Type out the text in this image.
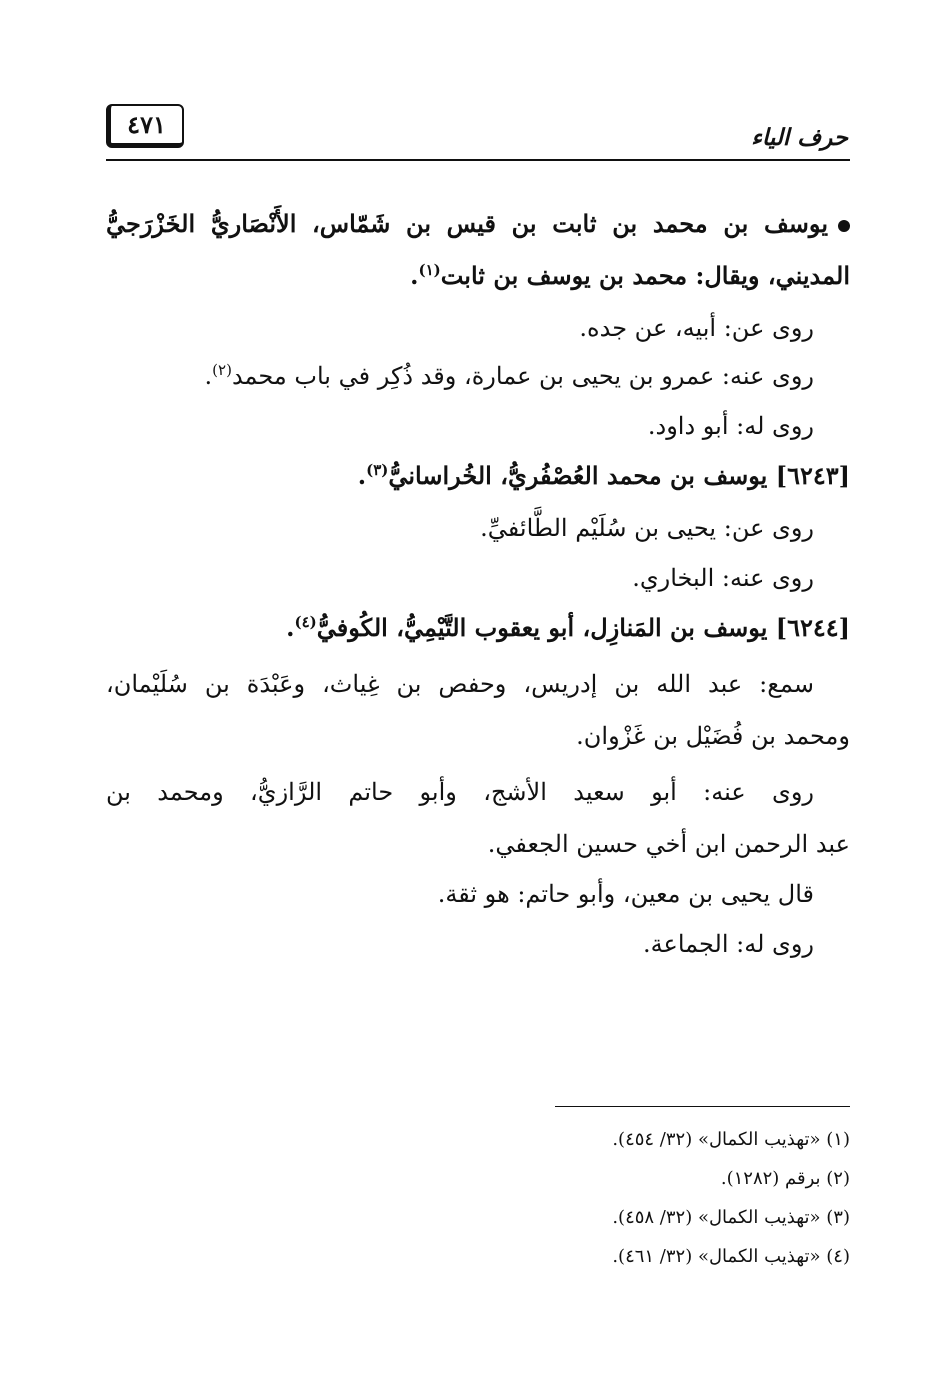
حرف الياء
٤٧١
يوسف بن محمد بن ثابت بن قيس بن شَمّاس، الأَنْصَاريُّ الخَزْرَجيُّ
المديني، ويقال: محمد بن يوسف بن ثابت$^{(١)}$.
روى عن: أبيه، عن جده.
روى عنه: عمرو بن يحيى بن عمارة، وقد ذُكِر في باب محمد$^{(٢)}$.
روى له: أبو داود.
[٦٢٤٣] يوسف بن محمد العُصْفُريُّ، الخُراسانيُّ$^{(٣)}$.
روى عن: يحيى بن سُلَيْم الطَّائفيِّ.
روى عنه: البخاري.
[٦٢٤٤] يوسف بن المَنازِل، أبو يعقوب التَّيْمِيُّ، الكُوفيُّ$^{(٤)}$.
سمع: عبد الله بن إدريس، وحفص بن غِياث، وعَبْدَة بن سُلَيْمان،
ومحمد بن فُضَيْل بن غَزْوان.
روى عنه: أبو سعيد الأشج، وأبو حاتم الرَّازيُّ، ومحمد بن
عبد الرحمن ابن أخي حسين الجعفي.
قال يحيى بن معين، وأبو حاتم: هو ثقة.
روى له: الجماعة.
(١) «تهذيب الكمال» (٣٢/ ٤٥٤).
(٢) برقم (١٢٨٢).
(٣) «تهذيب الكمال» (٣٢/ ٤٥٨).
(٤) «تهذيب الكمال» (٣٢/ ٤٦١).
